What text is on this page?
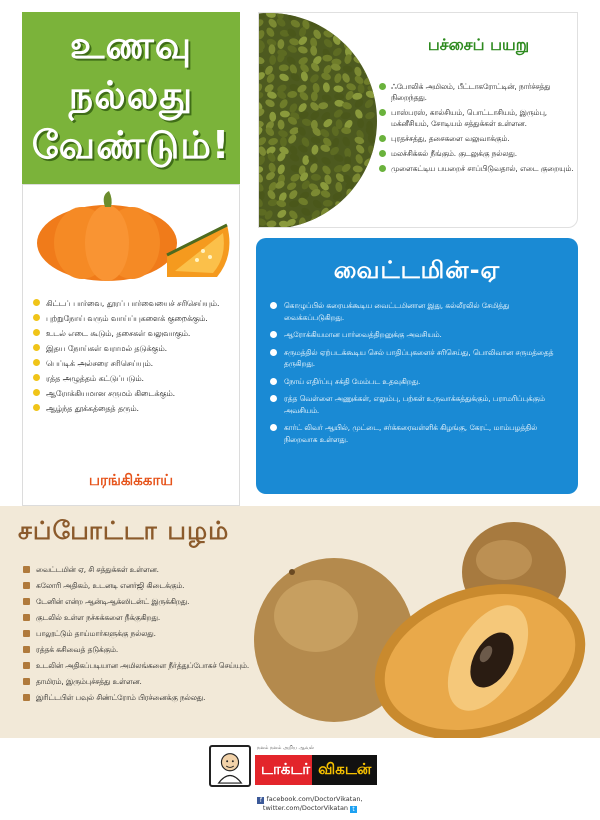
உணவு
நல்லது
வேண்டும்!
கிட்டப் பார்வை, தூரப் பார்வையைச் சரிசெய்யும்.
புற்றுநோய் வரும் வாய்ப்புகளைக் குறைக்கும்.
உடல் எடை கூடும், தசைகள் வலுவாகும்.
இதய நோய்கள் வராமல் தடுக்கும்.
பெப்டிக் அல்சரை சரிசெய்யும்.
ரத்த அழுத்தம் கட்டுப்படும்.
ஆரோக்கியமான சருமம் கிடைக்கும்.
ஆழ்ந்த தூக்கத்தைத் தரும்.
பரங்கிக்காய்
பச்சைப் பயறு
ஃபோலிக் அமிலம், பீட்டாகரோட்டின், நார்ச்சத்து நிறைந்தது.
பாஸ்பரஸ், கால்சியம், பொட்டாசியம், இரும்பு, மக்னீசியம், சோடியம் சத்துக்கள் உள்ளன.
புரதச்சத்து, தசைகளை வலுவாக்கும்.
மலச்சிக்கல் நீங்கும். குடலுக்கு நல்லது.
முளைகட்டிய பயறைச் சாப்பிடுவதால், எடை குறையும்.
வைட்டமின்-ஏ
கொழுப்பில் கரையக்கூடிய வைட்டமினான இது, கல்லீரலில் சேமித்து வைக்கப்படுகிறது.
ஆரோக்கியமான பார்வைத்திறனுக்கு அவசியம்.
சருமத்தில் ஏற்படக்கூடிய செல் பாதிப்புகளைச் சரிசெய்து, பொலிவான சருமத்தைத் தருகிறது.
நோய் எதிர்ப்பு சக்தி மேம்பட உதவுகிறது.
ரத்த வெள்ளை அணுக்கள், எலும்பு, பற்கள் உருவாக்கத்துக்கும், பராமரிப்புக்கும் அவசியம்.
கார்ட் லிவர் ஆயில், முட்டை, சர்க்கரைவள்ளிக் கிழங்கு, கேரட், மாம்பழத்தில் நிறைவாக உள்ளது.
சப்போட்டா பழம்
வைட்டமின் ஏ, சி சத்துக்கள் உள்ளன.
கலோரி அதிகம், உடனடி எனர்ஜி கிடைக்கும்.
டேனின் என்ற ஆன்டிஆக்ஸிடன்ட் இருக்கிறது.
குடலில் உள்ள நச்சுக்களை நீக்குகிறது.
பாலூட்டும் தாய்மார்களுக்கு நல்லது.
ரத்தக் கசிவைத் தடுக்கும்.
உடலின் அதிகப்படியான அமிலங்களை நீர்த்துப்போகச் செய்யும்.
தாமிரம், இரும்புச்சத்து உள்ளன.
இரிட்டபிள் பவுல் சிண்ட்ரோம் பிரச்னைக்கு நல்லது.
நலம் நலம் அறிய ஆவல்
டாக்டர் விகடன்
f facebook.com/DoctorVikatan,
twitter.com/DoctorVikatan t
